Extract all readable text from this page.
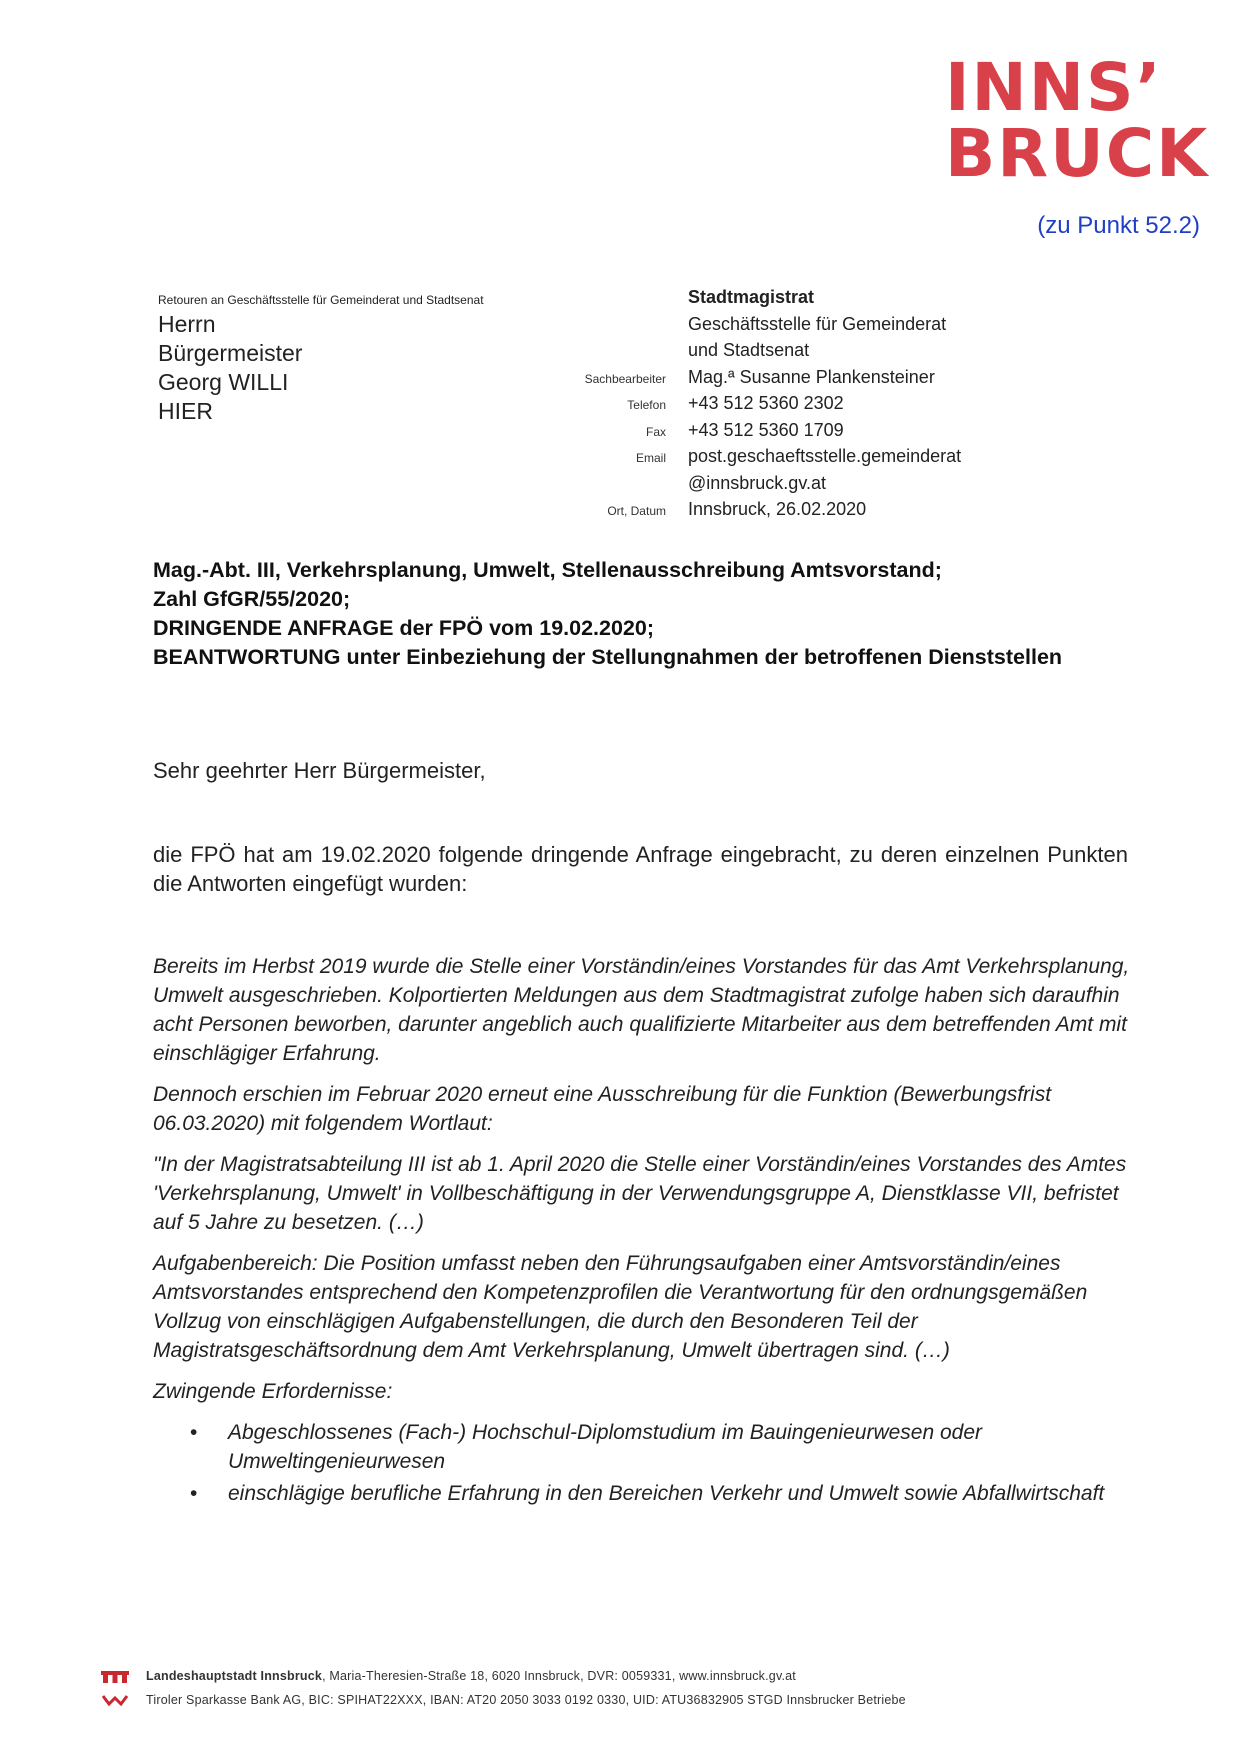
INNS’
BRUCK
(zu Punkt 52.2)
Retouren an Geschäftsstelle für Gemeinderat und Stadtsenat
Herrn
Bürgermeister
Georg WILLI
HIER
Stadtmagistrat
Geschäftsstelle für Gemeinderat
und Stadtsenat
Sachbearbeiter	Mag.ª Susanne Plankensteiner
Telefon	+43 512 5360 2302
Fax	+43 512 5360 1709
Email	post.geschaeftsstelle.gemeinderat
@innsbruck.gv.at
Ort, Datum	Innsbruck, 26.02.2020
Mag.-Abt. III, Verkehrsplanung, Umwelt, Stellenausschreibung Amtsvorstand;
Zahl GfGR/55/2020;
DRINGENDE ANFRAGE der FPÖ vom 19.02.2020;
BEANTWORTUNG unter Einbeziehung der Stellungnahmen der betroffenen Dienststellen
Sehr geehrter Herr Bürgermeister,
die FPÖ hat am 19.02.2020 folgende dringende Anfrage eingebracht, zu deren einzelnen Punkten die Antworten eingefügt wurden:

Bereits im Herbst 2019 wurde die Stelle einer Vorständin/eines Vorstandes für das Amt Verkehrsplanung, Umwelt ausgeschrieben. Kolportierten Meldungen aus dem Stadtmagistrat zufolge haben sich daraufhin acht Personen beworben, darunter angeblich auch qualifizierte Mitarbeiter aus dem betreffenden Amt mit einschlägiger Erfahrung.

Dennoch erschien im Februar 2020 erneut eine Ausschreibung für die Funktion (Bewerbungsfrist 06.03.2020) mit folgendem Wortlaut:

"In der Magistratsabteilung III ist ab 1. April 2020 die Stelle einer Vorständin/eines Vorstandes des Amtes 'Verkehrsplanung, Umwelt' in Vollbeschäftigung in der Verwendungsgruppe A, Dienstklasse VII, befristet auf 5 Jahre zu besetzen. (…)

Aufgabenbereich: Die Position umfasst neben den Führungsaufgaben einer Amtsvorständin/eines Amtsvorstandes entsprechend den Kompetenzprofilen die Verantwortung für den ordnungsgemäßen Vollzug von einschlägigen Aufgabenstellungen, die durch den Besonderen Teil der Magistratsgeschäftsordnung dem Amt Verkehrsplanung, Umwelt übertragen sind. (…)

Zwingende Erfordernisse:

• Abgeschlossenes (Fach-) Hochschul-Diplomstudium im Bauingenieurwesen oder Umweltingenieurwesen
• einschlägige berufliche Erfahrung in den Bereichen Verkehr und Umwelt sowie Abfallwirtschaft
Landeshauptstadt Innsbruck, Maria-Theresien-Straße 18, 6020 Innsbruck, DVR: 0059331, www.innsbruck.gv.at
Tiroler Sparkasse Bank AG, BIC: SPIHAT22XXX, IBAN: AT20 2050 3033 0192 0330, UID: ATU36832905 STGD Innsbrucker Betriebe
